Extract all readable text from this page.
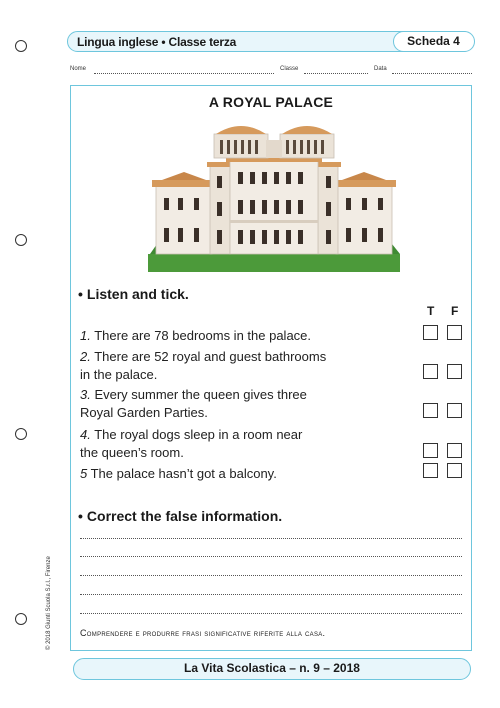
Lingua inglese • Classe terza	Scheda 4
Nome	Classe	Data
A ROYAL PALACE
• Listen and tick.
T F
1. There are 78 bedrooms in the palace.
2. There are 52 royal and guest bathrooms
in the palace.
3. Every summer the queen gives three
Royal Garden Parties.
4. The royal dogs sleep in a room near
the queen’s room.
5 The palace hasn’t got a balcony.
• Correct the false information.
Comprendere e produrre frasi significative riferite alla casa.
© 2018 Giunti Scuola S.r.l., Firenze
La Vita Scolastica – n. 9 – 2018
